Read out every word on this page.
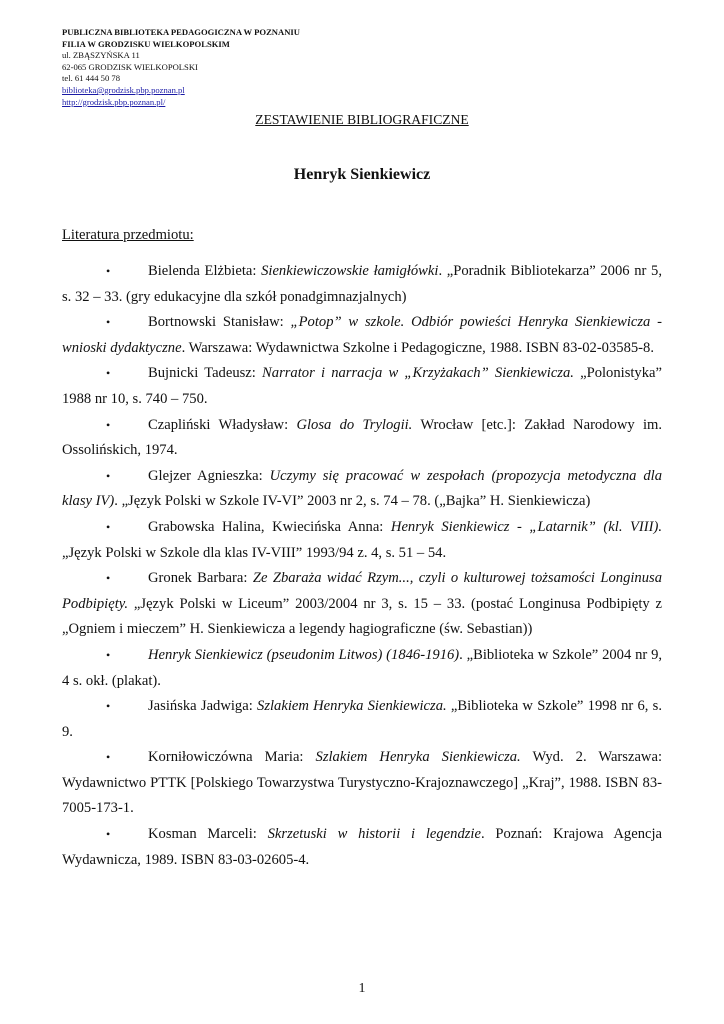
PUBLICZNA BIBLIOTEKA PEDAGOGICZNA W POZNANIU
FILIA W GRODZISKU WIELKOPOLSKIM
ul. ZBĄSZYŃSKA 11
62-065 GRODZISK WIELKOPOLSKI
tel. 61 444 50 78
biblioteka@grodzisk.pbp.poznan.pl
http://grodzisk.pbp.poznan.pl/
ZESTAWIENIE BIBLIOGRAFICZNE
Henryk Sienkiewicz
Literatura przedmiotu:

•	Bielenda Elżbieta: Sienkiewiczowskie łamigłówki. „Poradnik Bibliotekarza” 2006 nr 5, s. 32 – 33. (gry edukacyjne dla szkół ponadgimnazjalnych)

•	Bortnowski Stanisław: „Potop” w szkole. Odbiór powieści Henryka Sienkiewicza - wnioski dydaktyczne. Warszawa: Wydawnictwa Szkolne i Pedagogiczne, 1988. ISBN 83-02-03585-8.

•	Bujnicki Tadeusz: Narrator i narracja w „Krzyżakach” Sienkiewicza. „Polonistyka” 1988 nr 10, s. 740 – 750.

•	Czapliński Władysław: Glosa do Trylogii. Wrocław [etc.]: Zakład Narodowy im. Ossolińskich, 1974.

•	Glejzer Agnieszka: Uczymy się pracować w zespołach (propozycja metodyczna dla klasy IV). „Język Polski w Szkole IV-VI” 2003 nr 2, s. 74 – 78. („Bajka” H. Sienkiewicza)

•	Grabowska Halina, Kwiecińska Anna: Henryk Sienkiewicz - „Latarnik” (kl. VIII). „Język Polski w Szkole dla klas IV-VIII” 1993/94 z. 4, s. 51 – 54.

•	Gronek Barbara: Ze Zbaraża widać Rzym..., czyli o kulturowej tożsamości Longinusa Podbipięty. „Język Polski w Liceum” 2003/2004 nr 3, s. 15 – 33. (postać Longinusa Podbipięty z „Ogniem i mieczem” H. Sienkiewicza a legendy hagiograficzne (św. Sebastian))

•	Henryk Sienkiewicz (pseudonim Litwos) (1846-1916). „Biblioteka w Szkole” 2004 nr 9, 4 s. okł. (plakat).

•	Jasińska Jadwiga: Szlakiem Henryka Sienkiewicza. „Biblioteka w Szkole” 1998 nr 6, s. 9.

•	Korniłowiczówna Maria: Szlakiem Henryka Sienkiewicza. Wyd. 2. Warszawa: Wydawnictwo PTTK [Polskiego Towarzystwa Turystyczno-Krajoznawczego] „Kraj”, 1988. ISBN 83-7005-173-1.

•	Kosman Marceli: Skrzetuski w historii i legendzie. Poznań: Krajowa Agencja Wydawnicza, 1989. ISBN 83-03-02605-4.

1
